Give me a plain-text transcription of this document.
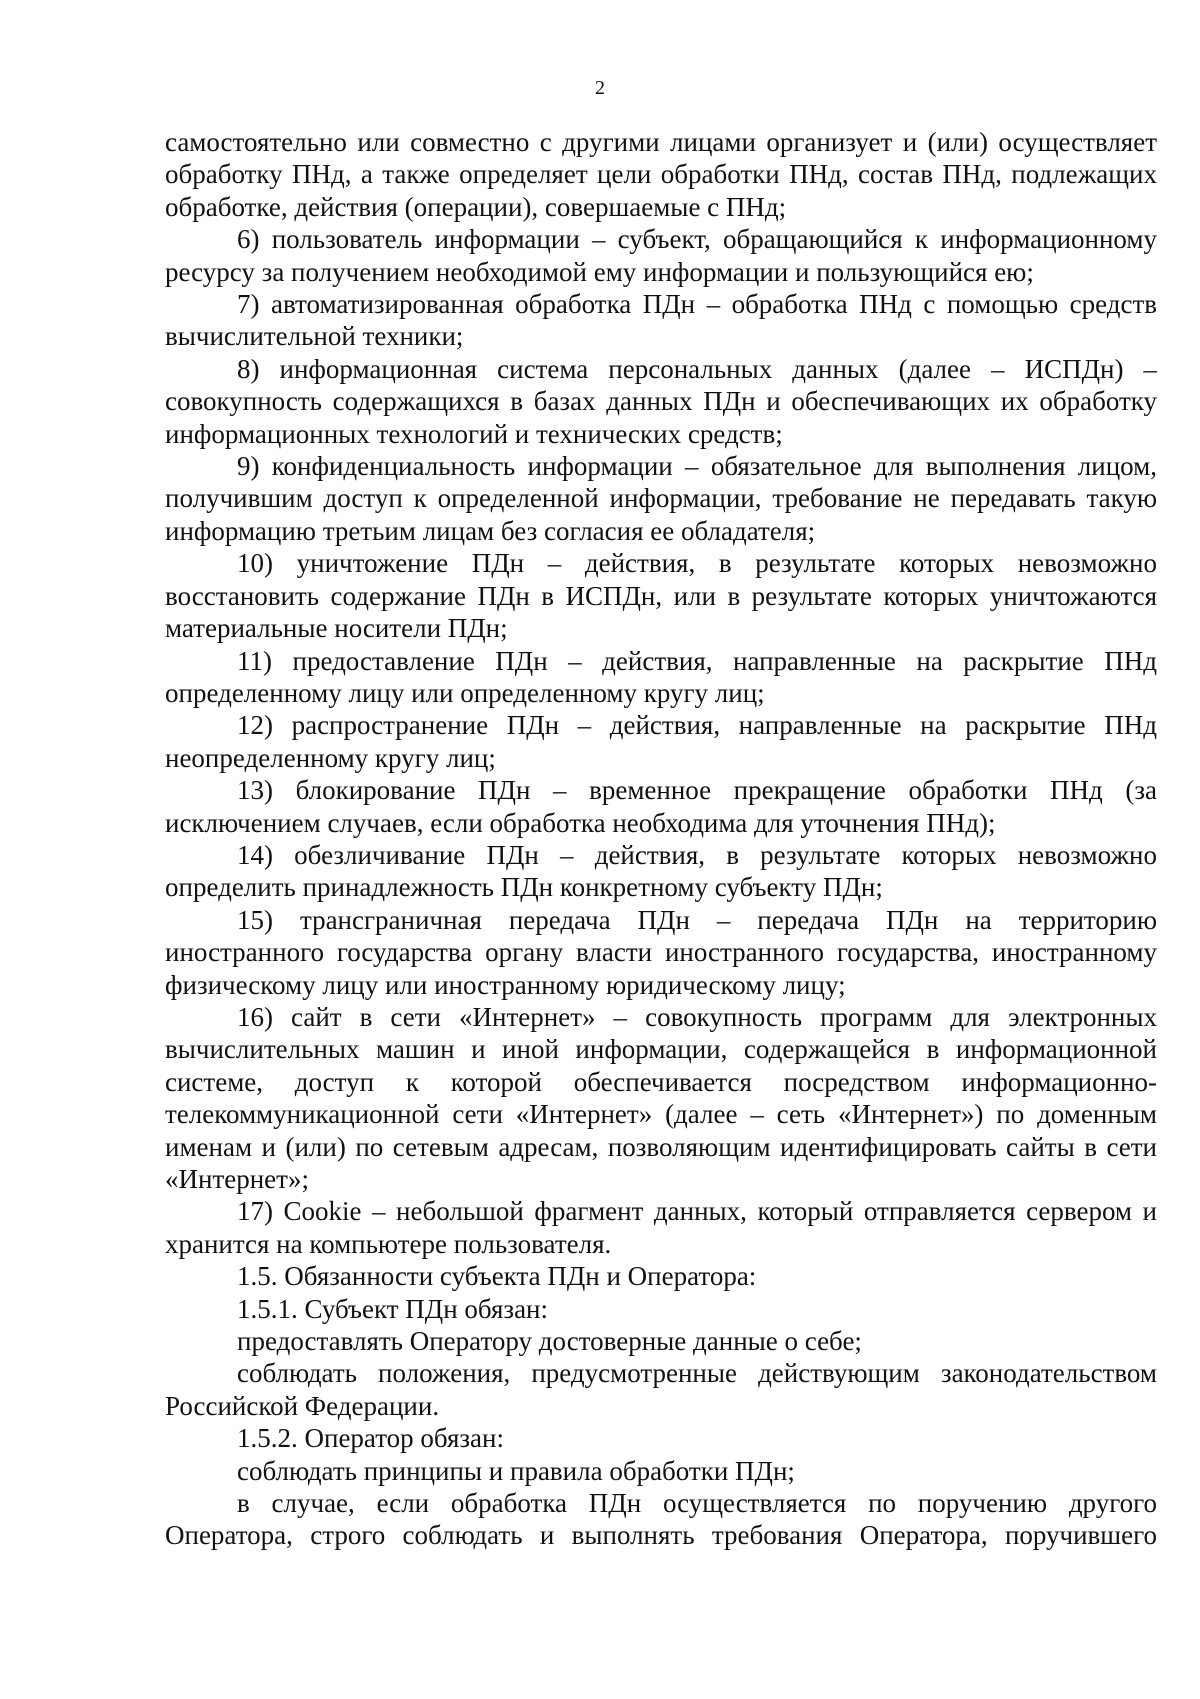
2

самостоятельно или совместно с другими лицами организует и (или) осуществляет обработку ПНд, а также определяет цели обработки ПНд, состав ПНд, подлежащих обработке, действия (операции), совершаемые с ПНд;

6) пользователь информации – субъект, обращающийся к информационному ресурсу за получением необходимой ему информации и пользующийся ею;

7) автоматизированная обработка ПДн – обработка ПНд с помощью средств вычислительной техники;

8) информационная система персональных данных (далее – ИСПДн) – совокупность содержащихся в базах данных ПДн и обеспечивающих их обработку информационных технологий и технических средств;

9) конфиденциальность информации – обязательное для выполнения лицом, получившим доступ к определенной информации, требование не передавать такую информацию третьим лицам без согласия ее обладателя;

10) уничтожение ПДн – действия, в результате которых невозможно восстановить содержание ПДн в ИСПДн, или в результате которых уничтожаются материальные носители ПДн;

11) предоставление ПДн – действия, направленные на раскрытие ПНд определенному лицу или определенному кругу лиц;

12) распространение ПДн – действия, направленные на раскрытие ПНд неопределенному кругу лиц;

13) блокирование ПДн – временное прекращение обработки ПНд (за исключением случаев, если обработка необходима для уточнения ПНд);

14) обезличивание ПДн – действия, в результате которых невозможно определить принадлежность ПДн конкретному субъекту ПДн;

15) трансграничная передача ПДн – передача ПДн на территорию иностранного государства органу власти иностранного государства, иностранному физическому лицу или иностранному юридическому лицу;

16) сайт в сети «Интернет» – совокупность программ для электронных вычислительных машин и иной информации, содержащейся в информационной системе, доступ к которой обеспечивается посредством информационно-телекоммуникационной сети «Интернет» (далее – сеть «Интернет») по доменным именам и (или) по сетевым адресам, позволяющим идентифицировать сайты в сети «Интернет»;

17) Cookie – небольшой фрагмент данных, который отправляется сервером и хранится на компьютере пользователя.

1.5. Обязанности субъекта ПДн и Оператора:

1.5.1. Субъект ПДн обязан:

предоставлять Оператору достоверные данные о себе;

соблюдать положения, предусмотренные действующим законодательством Российской Федерации.

1.5.2. Оператор обязан:

соблюдать принципы и правила обработки ПДн;

в случае, если обработка ПДн осуществляется по поручению другого Оператора, строго соблюдать и выполнять требования Оператора, поручившего
